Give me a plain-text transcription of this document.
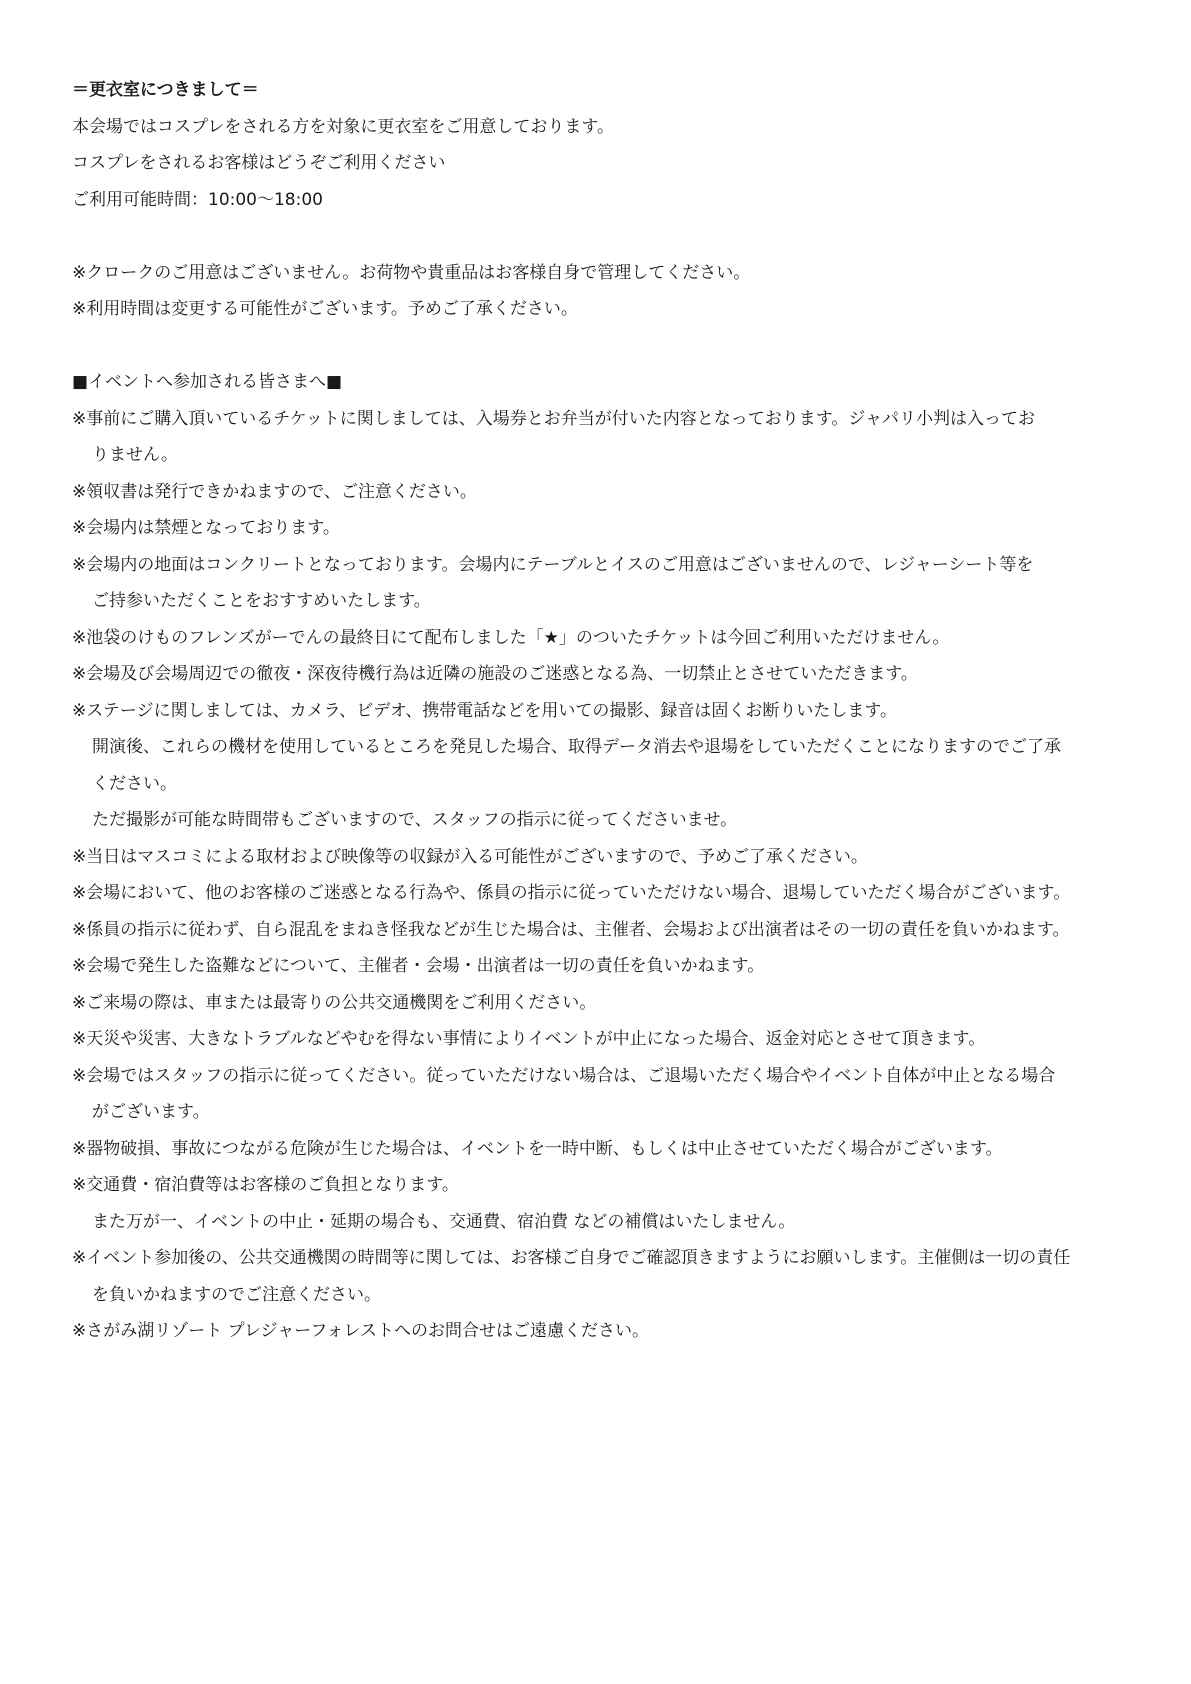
＝更衣室につきまして＝
本会場ではコスプレをされる方を対象に更衣室をご用意しております。
コスプレをされるお客様はどうぞご利用ください
ご利用可能時間：10:00〜18:00
※クロークのご用意はございません。お荷物や貴重品はお客様自身で管理してください。
※利用時間は変更する可能性がございます。予めご了承ください。
■イベントへ参加される皆さまへ■
※事前にご購入頂いているチケットに関しましては、入場券とお弁当が付いた内容となっております。ジャパリ小判は入ってお
りません。
※領収書は発行できかねますので、ご注意ください。
※会場内は禁煙となっております。
※会場内の地面はコンクリートとなっております。会場内にテーブルとイスのご用意はございませんので、レジャーシート等を
ご持参いただくことをおすすめいたします。
※池袋のけものフレンズがーでんの最終日にて配布しました「★」のついたチケットは今回ご利用いただけません。
※会場及び会場周辺での徹夜・深夜待機行為は近隣の施設のご迷惑となる為、一切禁止とさせていただきます。
※ステージに関しましては、カメラ、ビデオ、携帯電話などを用いての撮影、録音は固くお断りいたします。
開演後、これらの機材を使用しているところを発見した場合、取得データ消去や退場をしていただくことになりますのでご了承
ください。
ただ撮影が可能な時間帯もございますので、スタッフの指示に従ってくださいませ。
※当日はマスコミによる取材および映像等の収録が入る可能性がございますので、予めご了承ください。
※会場において、他のお客様のご迷惑となる行為や、係員の指示に従っていただけない場合、退場していただく場合がございます。
※係員の指示に従わず、自ら混乱をまねき怪我などが生じた場合は、主催者、会場および出演者はその一切の責任を負いかねます。
※会場で発生した盗難などについて、主催者・会場・出演者は一切の責任を負いかねます。
※ご来場の際は、車または最寄りの公共交通機関をご利用ください。
※天災や災害、大きなトラブルなどやむを得ない事情によりイベントが中止になった場合、返金対応とさせて頂きます。
※会場ではスタッフの指示に従ってください。従っていただけない場合は、ご退場いただく場合やイベント自体が中止となる場合
がございます。
※器物破損、事故につながる危険が生じた場合は、イベントを一時中断、もしくは中止させていただく場合がございます。
※交通費・宿泊費等はお客様のご負担となります。
また万が一、イベントの中止・延期の場合も、交通費、宿泊費 などの補償はいたしません。
※イベント参加後の、公共交通機関の時間等に関しては、お客様ご自身でご確認頂きますようにお願いします。主催側は一切の責任
を負いかねますのでご注意ください。
※さがみ湖リゾート プレジャーフォレストへのお問合せはご遠慮ください。
